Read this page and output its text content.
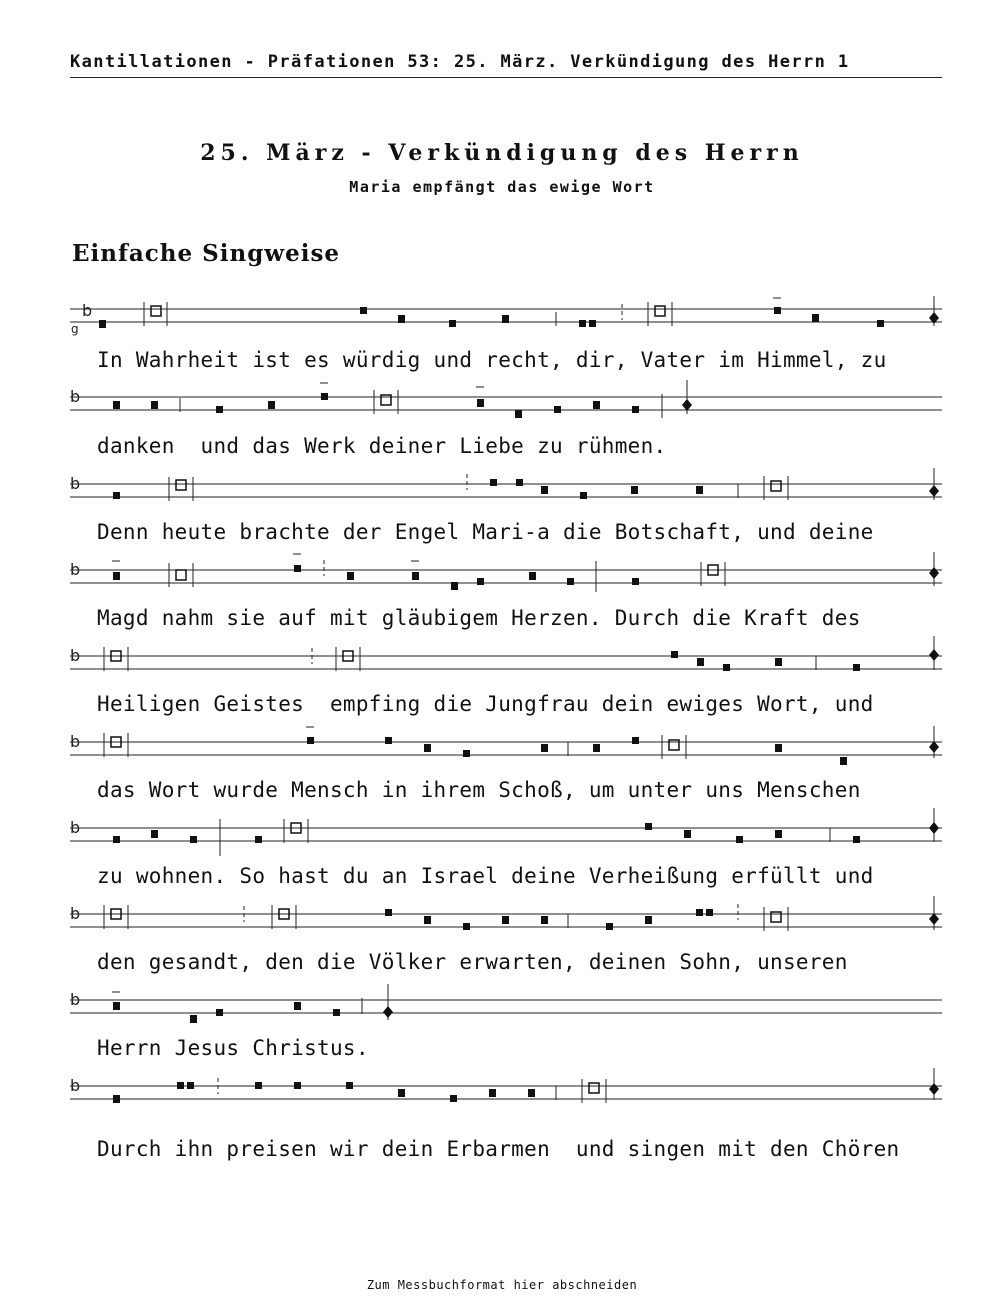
Kantillationen - Präfationen 53: 25. März. Verkündigung des Herrn 1
25. März - Verkündigung des Herrn
Maria empfängt das ewige Wort
Einfache Singweise
b
g
In Wahrheit ist es würdig und recht, dir, Vater im Himmel, zu
b
danken  und das Werk deiner Liebe zu rühmen.
b
Denn heute brachte der Engel Mari-a die Botschaft, und deine
b
Magd nahm sie auf mit gläubigem Herzen. Durch die Kraft des
b
Heiligen Geistes  empfing die Jungfrau dein ewiges Wort, und
b
das Wort wurde Mensch in ihrem Schoß, um unter uns Menschen
b
zu wohnen. So hast du an Israel deine Verheißung erfüllt und
b
den gesandt, den die Völker erwarten, deinen Sohn, unseren
b
Herrn Jesus Christus.
b
Durch ihn preisen wir dein Erbarmen  und singen mit den Chören
Zum Messbuchformat hier abschneiden
